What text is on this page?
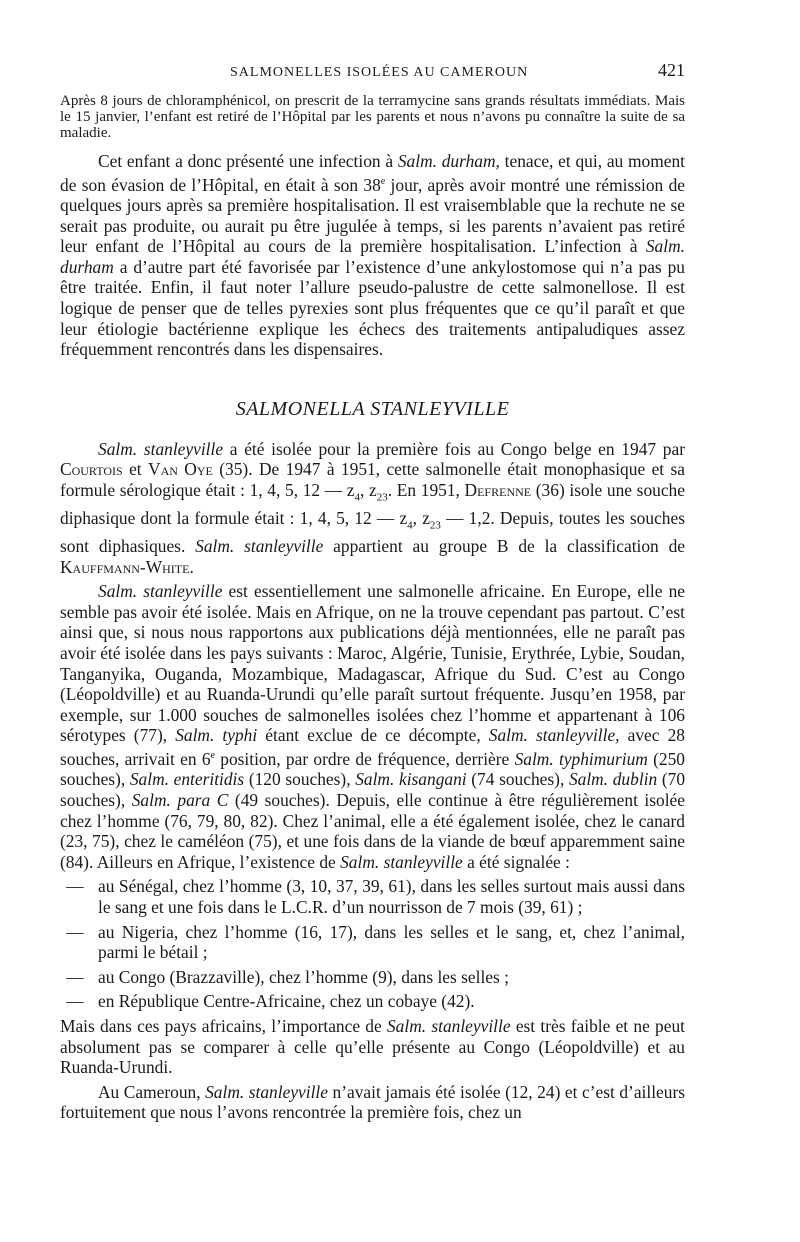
SALMONELLES ISOLÉES AU CAMEROUN	421

Après 8 jours de chloramphénicol, on prescrit de la terramycine sans grands résultats immédiats. Mais le 15 janvier, l’enfant est retiré de l’Hôpital par les parents et nous n’avons pu connaître la suite de sa maladie.

Cet enfant a donc présenté une infection à Salm. durham, tenace, et qui, au moment de son évasion de l’Hôpital, en était à son 38e jour, après avoir montré une rémission de quelques jours après sa première hospitalisation. Il est vraisemblable que la rechute ne se serait pas produite, ou aurait pu être jugulée à temps, si les parents n’avaient pas retiré leur enfant de l’Hôpital au cours de la première hospitalisation. L’infection à Salm. durham a d’autre part été favorisée par l’existence d’une ankylostomose qui n’a pas pu être traitée. Enfin, il faut noter l’allure pseudo-palustre de cette salmonellose. Il est logique de penser que de telles pyrexies sont plus fréquentes que ce qu’il paraît et que leur étiologie bactérienne explique les échecs des traitements antipaludiques assez fréquemment rencontrés dans les dispensaires.

SALMONELLA STANLEYVILLE

Salm. stanleyville a été isolée pour la première fois au Congo belge en 1947 par Courtois et Van Oye (35). De 1947 à 1951, cette salmonelle était monophasique et sa formule sérologique était : 1, 4, 5, 12 — $z_4$, $z_{23}$. En 1951, Defrenne (36) isole une souche diphasique dont la formule était : 1, 4, 5, 12 — $z_4$, $z_{23}$ — 1,2. Depuis, toutes les souches sont diphasiques. Salm. stanleyville appartient au groupe B de la classification de Kauffmann-White.

Salm. stanleyville est essentiellement une salmonelle africaine. En Europe, elle ne semble pas avoir été isolée. Mais en Afrique, on ne la trouve cependant pas partout. C’est ainsi que, si nous nous rapportons aux publications déjà mentionnées, elle ne paraît pas avoir été isolée dans les pays suivants : Maroc, Algérie, Tunisie, Erythrée, Lybie, Soudan, Tanganyika, Ouganda, Mozambique, Madagascar, Afrique du Sud. C’est au Congo (Léopoldville) et au Ruanda-Urundi qu’elle paraît surtout fréquente. Jusqu’en 1958, par exemple, sur 1.000 souches de salmonelles isolées chez l’homme et appartenant à 106 sérotypes (77), Salm. typhi étant exclue de ce décompte, Salm. stanleyville, avec 28 souches, arrivait en 6e position, par ordre de fréquence, derrière Salm. typhimurium (250 souches), Salm. enteritidis (120 souches), Salm. kisangani (74 souches), Salm. dublin (70 souches), Salm. para C (49 souches). Depuis, elle continue à être régulièrement isolée chez l’homme (76, 79, 80, 82). Chez l’animal, elle a été également isolée, chez le canard (23, 75), chez le caméléon (75), et une fois dans de la viande de bœuf apparemment saine (84). Ailleurs en Afrique, l’existence de Salm. stanleyville a été signalée :

— au Sénégal, chez l’homme (3, 10, 37, 39, 61), dans les selles surtout mais aussi dans le sang et une fois dans le L.C.R. d’un nourrisson de 7 mois (39, 61) ;
— au Nigeria, chez l’homme (16, 17), dans les selles et le sang, et, chez l’animal, parmi le bétail ;
— au Congo (Brazzaville), chez l’homme (9), dans les selles ;
— en République Centre-Africaine, chez un cobaye (42).

Mais dans ces pays africains, l’importance de Salm. stanleyville est très faible et ne peut absolument pas se comparer à celle qu’elle présente au Congo (Léopoldville) et au Ruanda-Urundi.

Au Cameroun, Salm. stanleyville n’avait jamais été isolée (12, 24) et c’est d’ailleurs fortuitement que nous l’avons rencontrée la première fois, chez un
